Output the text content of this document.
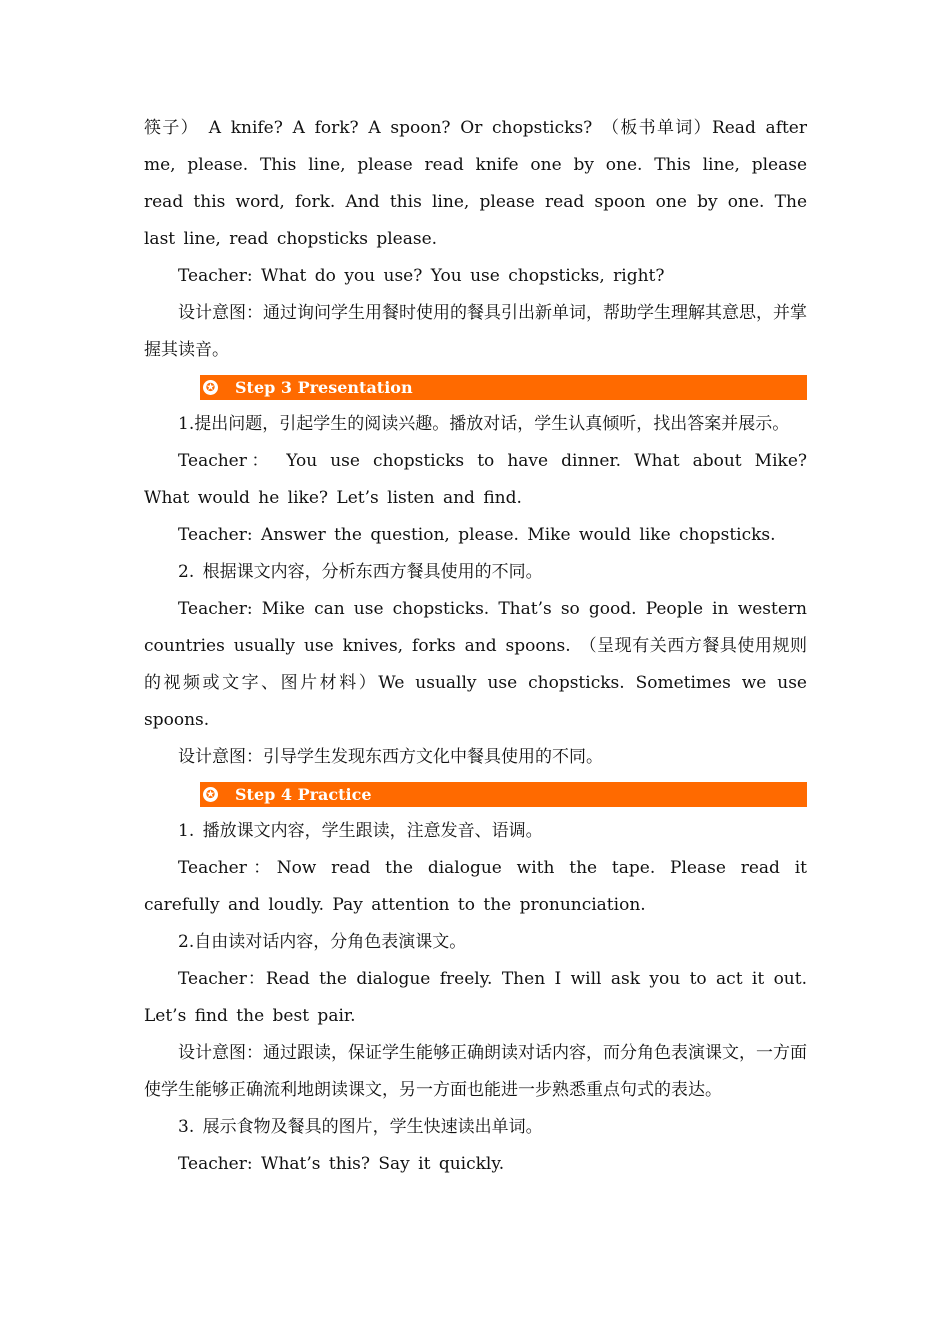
筷子） A knife? A fork? A spoon? Or chopsticks? （板书单词）Read after me, please. This line, please read knife one by one. This line, please read this word, fork. And this line, please read spoon one by one. The last line, read chopsticks please.

Teacher: What do you use? You use chopsticks, right?

设计意图：通过询问学生用餐时使用的餐具引出新单词，帮助学生理解其意思，并掌握其读音。

✪ Step 3 Presentation

1.提出问题，引起学生的阅读兴趣。播放对话，学生认真倾听，找出答案并展示。

Teacher： You use chopsticks to have dinner. What about Mike? What would he like? Let’s listen and find.

Teacher: Answer the question, please. Mike would like chopsticks.

2. 根据课文内容，分析东西方餐具使用的不同。

Teacher: Mike can use chopsticks. That’s so good. People in western countries usually use knives, forks and spoons. （呈现有关西方餐具使用规则的视频或文字、图片材料）We usually use chopsticks. Sometimes we use spoons.

设计意图：引导学生发现东西方文化中餐具使用的不同。

✪ Step 4 Practice

1. 播放课文内容，学生跟读，注意发音、语调。

Teacher：Now read the dialogue with the tape. Please read it carefully and loudly. Pay attention to the pronunciation.

2.自由读对话内容，分角色表演课文。

Teacher：Read the dialogue freely. Then I will ask you to act it out. Let’s find the best pair.

设计意图：通过跟读，保证学生能够正确朗读对话内容，而分角色表演课文，一方面使学生能够正确流利地朗读课文，另一方面也能进一步熟悉重点句式的表达。

3. 展示食物及餐具的图片，学生快速读出单词。

Teacher: What’s this? Say it quickly.
